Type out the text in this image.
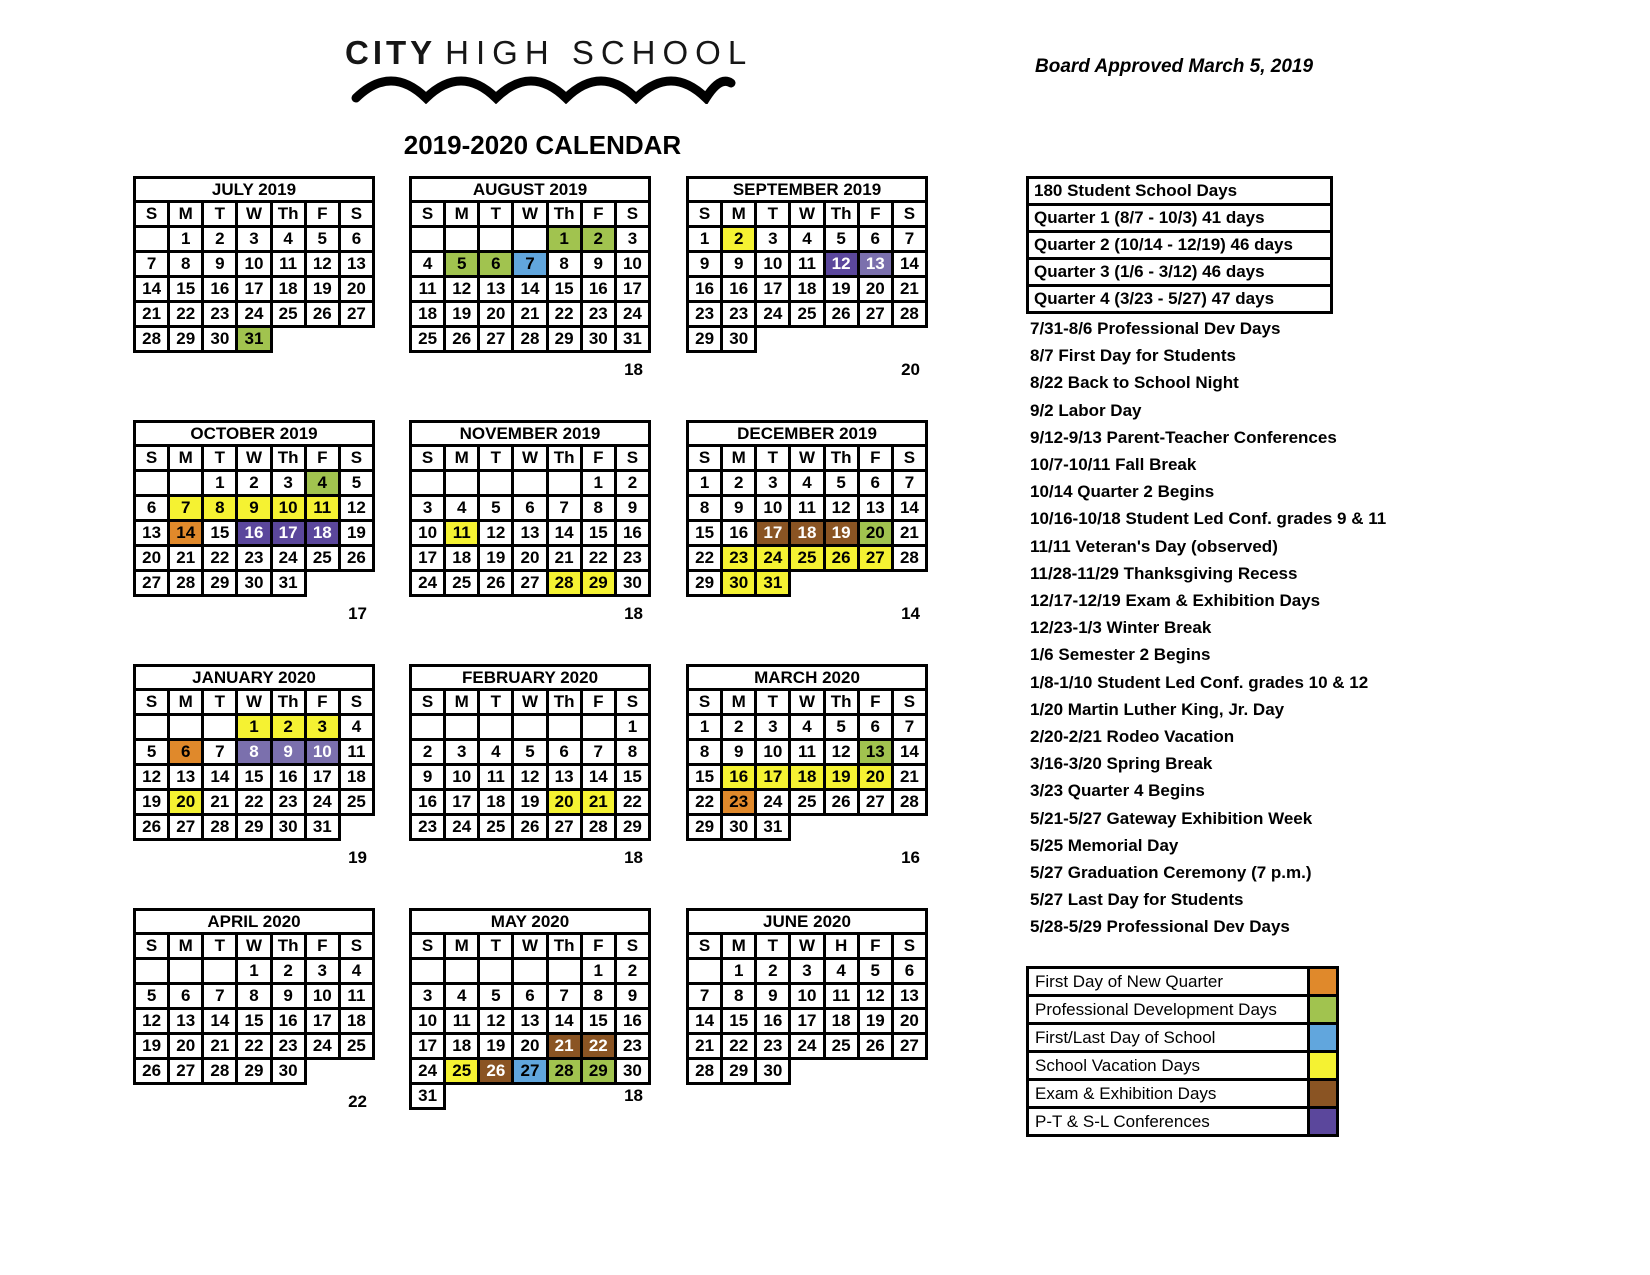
CITY HIGH SCHOOL	Board Approved March 5, 2019
2019-2020 CALENDAR
JULY 2019						
S	M	T	W	Th	F	S
	1	2	3	4	5	6
7	8	9	10	11	12	13
14	15	16	17	18	19	20
21	22	23	24	25	26	27
28	29	30	31			
AUGUST 2019						
S	M	T	W	Th	F	S
				1	2	3
4	5	6	7	8	9	10
11	12	13	14	15	16	17
18	19	20	21	22	23	24
25	26	27	28	29	30	31
18
SEPTEMBER 2019						
S	M	T	W	Th	F	S
1	2	3	4	5	6	7
9	9	10	11	12	13	14
16	16	17	18	19	20	21
23	23	24	25	26	27	28
29	30					
20
OCTOBER 2019						
S	M	T	W	Th	F	S
		1	2	3	4	5
6	7	8	9	10	11	12
13	14	15	16	17	18	19
20	21	22	23	24	25	26
27	28	29	30	31		
17
NOVEMBER 2019						
S	M	T	W	Th	F	S
					1	2
3	4	5	6	7	8	9
10	11	12	13	14	15	16
17	18	19	20	21	22	23
24	25	26	27	28	29	30
18
DECEMBER 2019						
S	M	T	W	Th	F	S
1	2	3	4	5	6	7
8	9	10	11	12	13	14
15	16	17	18	19	20	21
22	23	24	25	26	27	28
29	30	31				
14
JANUARY 2020						
S	M	T	W	Th	F	S
			1	2	3	4
5	6	7	8	9	10	11
12	13	14	15	16	17	18
19	20	21	22	23	24	25
26	27	28	29	30	31	
19
FEBRUARY 2020						
S	M	T	W	Th	F	S
						1
2	3	4	5	6	7	8
9	10	11	12	13	14	15
16	17	18	19	20	21	22
23	24	25	26	27	28	29
18
MARCH 2020						
S	M	T	W	Th	F	S
1	2	3	4	5	6	7
8	9	10	11	12	13	14
15	16	17	18	19	20	21
22	23	24	25	26	27	28
29	30	31				
16
APRIL 2020						
S	M	T	W	Th	F	S
			1	2	3	4
5	6	7	8	9	10	11
12	13	14	15	16	17	18
19	20	21	22	23	24	25
26	27	28	29	30		
22
MAY 2020						
S	M	T	W	Th	F	S
					1	2
3	4	5	6	7	8	9
10	11	12	13	14	15	16
17	18	19	20	21	22	23
24	25	26	27	28	29	30
31							18
JUNE 2020						
S	M	T	W	H	F	S
	1	2	3	4	5	6
7	8	9	10	11	12	13
14	15	16	17	18	19	20
21	22	23	24	25	26	27
28	29	30				
180 Student School Days
Quarter 1 (8/7 - 10/3) 41 days
Quarter 2 (10/14 - 12/19) 46 days
Quarter 3 (1/6 - 3/12) 46 days
Quarter 4 (3/23 - 5/27) 47 days
7/31-8/6 Professional Dev Days
8/7 First Day for Students
8/22 Back to School Night
9/2 Labor Day
9/12-9/13 Parent-Teacher Conferences
10/7-10/11 Fall Break
10/14 Quarter 2 Begins
10/16-10/18 Student Led Conf. grades 9 & 11
11/11 Veteran's Day (observed)
11/28-11/29 Thanksgiving Recess
12/17-12/19 Exam & Exhibition Days
12/23-1/3 Winter Break
1/6 Semester 2 Begins
1/8-1/10 Student Led Conf. grades 10 & 12
1/20 Martin Luther King, Jr. Day
2/20-2/21 Rodeo Vacation
3/16-3/20 Spring Break
3/23 Quarter 4 Begins
5/21-5/27 Gateway Exhibition Week
5/25 Memorial Day
5/27 Graduation Ceremony (7 p.m.)
5/27 Last Day for Students
5/28-5/29 Professional Dev Days
First Day of New Quarter
Professional Development Days
First/Last Day of School
School Vacation Days
Exam & Exhibition Days
P-T & S-L Conferences
